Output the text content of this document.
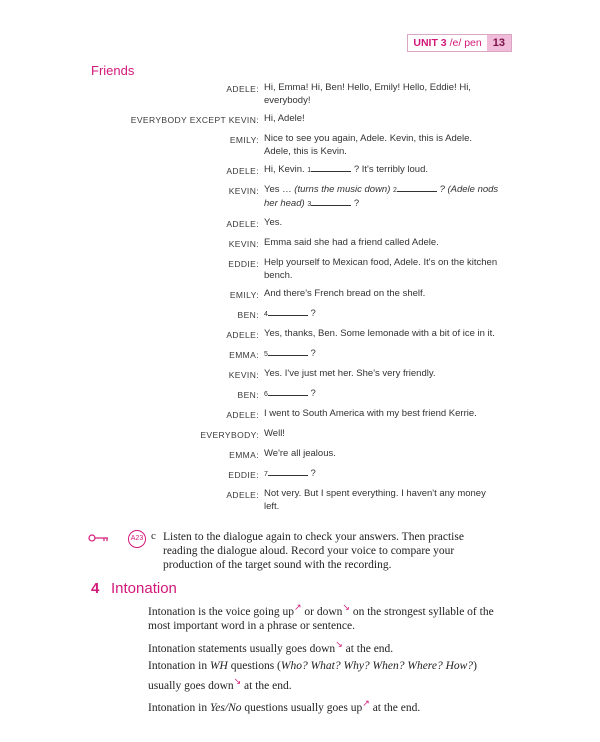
UNIT 3 /e/ pen	13
Friends
ADELE: Hi, Emma! Hi, Ben! Hello, Emily! Hello, Eddie! Hi, everybody!
EVERYBODY EXCEPT KEVIN: Hi, Adele!
EMILY: Nice to see you again, Adele. Kevin, this is Adele. Adele, this is Kevin.
ADELE: Hi, Kevin. 1	? It's terribly loud.
KEVIN: Yes … (turns the music down) 2	? (Adele nods her head) 3	?
ADELE: Yes.
KEVIN: Emma said she had a friend called Adele.
EDDIE: Help yourself to Mexican food, Adele. It's on the kitchen bench.
EMILY: And there's French bread on the shelf.
BEN: 4	?
ADELE: Yes, thanks, Ben. Some lemonade with a bit of ice in it.
EMMA: 5	?
KEVIN: Yes. I've just met her. She's very friendly.
BEN: 6	?
ADELE: I went to South America with my best friend Kerrie.
EVERYBODY: Well!
EMMA: We're all jealous.
EDDIE: 7	?
ADELE: Not very. But I spent everything. I haven't any money left.
A23 c Listen to the dialogue again to check your answers. Then practise reading the dialogue aloud. Record your voice to compare your production of the target sound with the recording.
4 Intonation

Intonation is the voice going up↗ or down↘ on the strongest syllable of the most important word in a phrase or sentence.

Intonation statements usually goes down↘ at the end.

Intonation in WH questions (Who? What? Why? When? Where? How?) usually goes down↘ at the end.

Intonation in Yes/No questions usually goes up↗ at the end.
